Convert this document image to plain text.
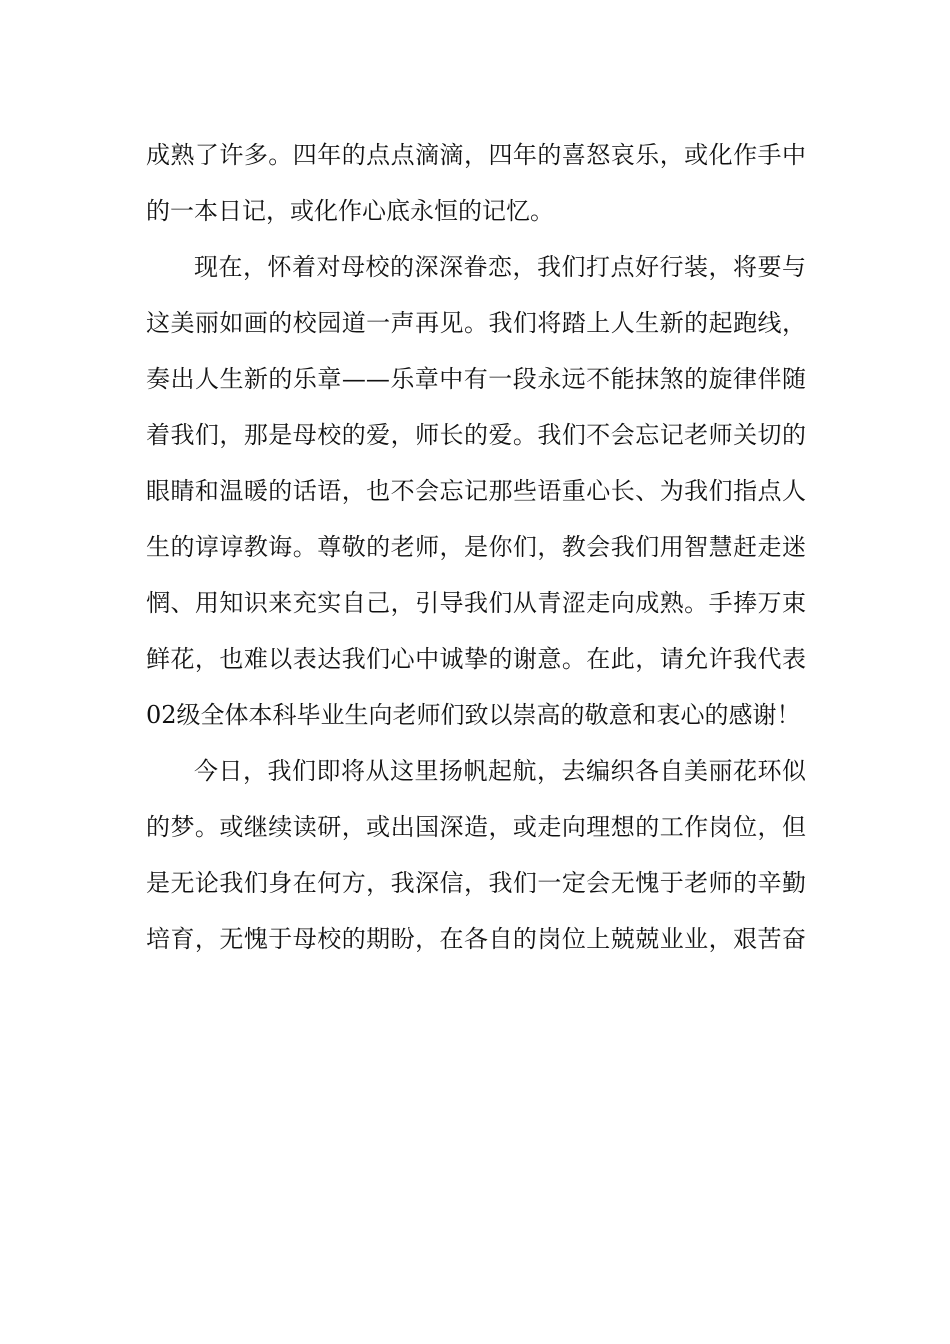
成熟了许多。四年的点点滴滴，四年的喜怒哀乐，或化作手中

的一本日记，或化作心底永恒的记忆。

现在，怀着对母校的深深眷恋，我们打点好行装，将要与

这美丽如画的校园道一声再见。我们将踏上人生新的起跑线，

奏出人生新的乐章——乐章中有一段永远不能抹煞的旋律伴随

着我们，那是母校的爱，师长的爱。我们不会忘记老师关切的

眼睛和温暖的话语，也不会忘记那些语重心长、为我们指点人

生的谆谆教诲。尊敬的老师，是你们，教会我们用智慧赶走迷

惘、用知识来充实自己，引导我们从青涩走向成熟。手捧万束

鲜花，也难以表达我们心中诚挚的谢意。在此，请允许我代表

02级全体本科毕业生向老师们致以崇高的敬意和衷心的感谢！

今日，我们即将从这里扬帆起航，去编织各自美丽花环似

的梦。或继续读研，或出国深造，或走向理想的工作岗位，但

是无论我们身在何方，我深信，我们一定会无愧于老师的辛勤

培育，无愧于母校的期盼，在各自的岗位上兢兢业业，艰苦奋
